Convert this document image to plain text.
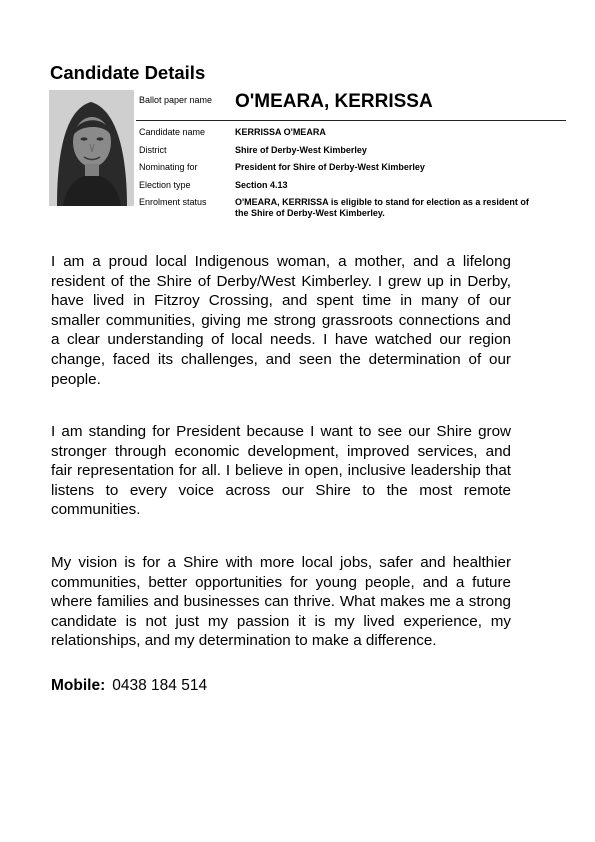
Candidate Details
Ballot paper name O'MEARA, KERRISSA
Candidate name	KERRISSA O'MEARA
District	Shire of Derby-West Kimberley
Nominating for	President for Shire of Derby-West Kimberley
Election type	Section 4.13
Enrolment status	O'MEARA, KERRISSA is eligible to stand for election as a resident of the Shire of Derby-West Kimberley.

I am a proud local Indigenous woman, a mother, and a lifelong resident of the Shire of Derby/West Kimberley. I grew up in Derby, have lived in Fitzroy Crossing, and spent time in many of our smaller communities, giving me strong grassroots connections and a clear understanding of local needs. I have watched our region change, faced its challenges, and seen the determination of our people.

I am standing for President because I want to see our Shire grow stronger through economic development, improved services, and fair representation for all. I believe in open, inclusive leadership that listens to every voice across our Shire to the most remote communities.

My vision is for a Shire with more local jobs, safer and healthier communities, better opportunities for young people, and a future where families and businesses can thrive. What makes me a strong candidate is not just my passion it is my lived experience, my relationships, and my determination to make a difference.

Mobile: 0438 184 514
